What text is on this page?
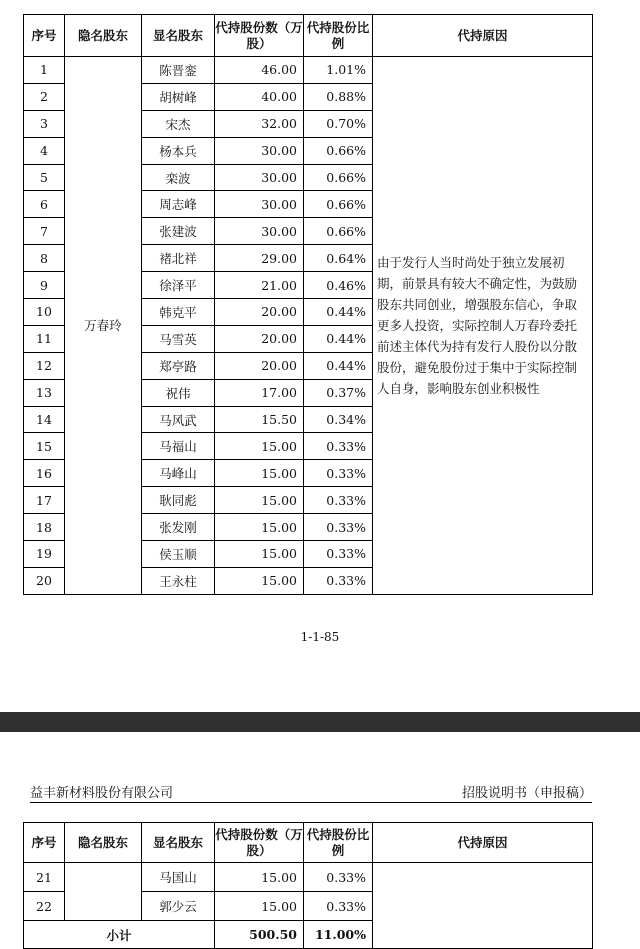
序号	隐名股东	显名股东	代持股份数（万股）	代持股份比例	代持原因
1	万春玲	陈晋銮	46.00	1.01%	由于发行人当时尚处于独立发展初期，前景具有较大不确定性，为鼓励股东共同创业，增强股东信心，争取更多人投资，实际控制人万春玲委托前述主体代为持有发行人股份以分散股份，避免股份过于集中于实际控制人自身，影响股东创业积极性
2		胡树峰	40.00	0.88%	
3		宋杰	32.00	0.70%	
4		杨本兵	30.00	0.66%	
5		栾波	30.00	0.66%	
6		周志峰	30.00	0.66%	
7		张建波	30.00	0.66%	
8		褚北祥	29.00	0.64%	
9		徐泽平	21.00	0.46%	
10		韩克平	20.00	0.44%	
11		马雪英	20.00	0.44%	
12		郑亭路	20.00	0.44%	
13		祝伟	17.00	0.37%	
14		马风武	15.50	0.34%	
15		马福山	15.00	0.33%	
16		马峰山	15.00	0.33%	
17		耿同彪	15.00	0.33%	
18		张发刚	15.00	0.33%	
19		侯玉顺	15.00	0.33%	
20		王永柱	15.00	0.33%	
1-1-85
益丰新材料股份有限公司	招股说明书（申报稿）
序号	隐名股东	显名股东	代持股份数（万股）	代持股份比例	代持原因
21		马国山	15.00	0.33%	
22		郭少云	15.00	0.33%	
小计			500.50	11.00%	
